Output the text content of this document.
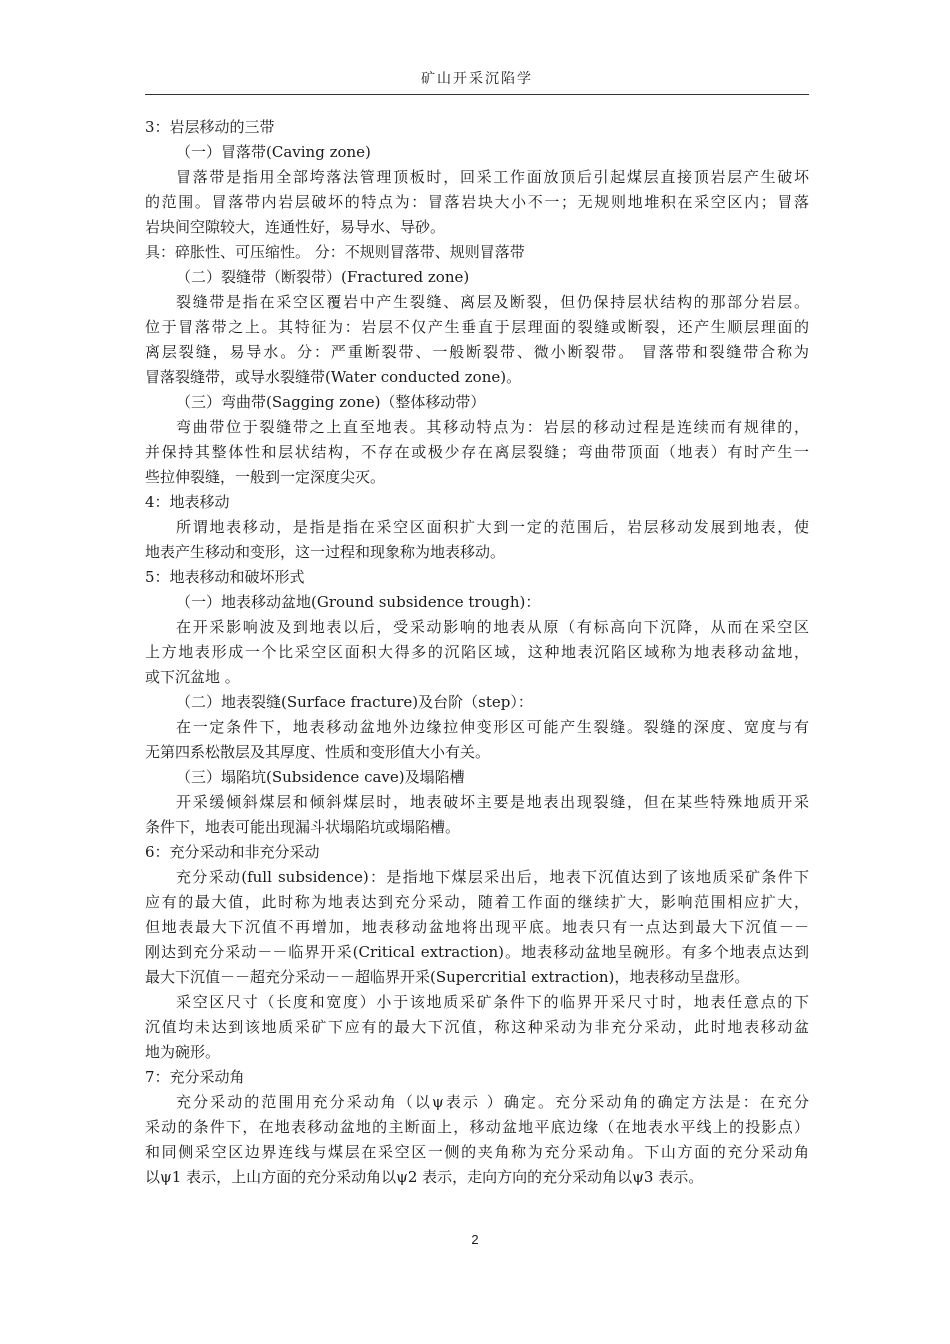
矿山开采沉陷学
3：岩层移动的三带
（一）冒落带(Caving zone)
冒落带是指用全部垮落法管理顶板时，回采工作面放顶后引起煤层直接顶岩层产生破坏
的范围。冒落带内岩层破坏的特点为：冒落岩块大小不一；无规则地堆积在采空区内；冒落
岩块间空隙较大，连通性好，易导水、导砂。
具：碎胀性、可压缩性。 分：不规则冒落带、规则冒落带
（二）裂缝带（断裂带）(Fractured zone)
裂缝带是指在采空区覆岩中产生裂缝、离层及断裂，但仍保持层状结构的那部分岩层。
位于冒落带之上。其特征为：岩层不仅产生垂直于层理面的裂缝或断裂，还产生顺层理面的
离层裂缝，易导水。分：严重断裂带、一般断裂带、微小断裂带。 冒落带和裂缝带合称为
冒落裂缝带，或导水裂缝带(Water conducted zone)。
（三）弯曲带(Sagging zone)（整体移动带）
弯曲带位于裂缝带之上直至地表。其移动特点为：岩层的移动过程是连续而有规律的，
并保持其整体性和层状结构，不存在或极少存在离层裂缝；弯曲带顶面（地表）有时产生一
些拉伸裂缝，一般到一定深度尖灭。
4：地表移动
所谓地表移动，是指是指在采空区面积扩大到一定的范围后，岩层移动发展到地表，使
地表产生移动和变形，这一过程和现象称为地表移动。
5：地表移动和破坏形式
（一）地表移动盆地(Ground subsidence trough)：
在开采影响波及到地表以后，受采动影响的地表从原（有标高向下沉降，从而在采空区
上方地表形成一个比采空区面积大得多的沉陷区域，这种地表沉陷区域称为地表移动盆地，
或下沉盆地 。
（二）地表裂缝(Surface fracture)及台阶（step）：
在一定条件下，地表移动盆地外边缘拉伸变形区可能产生裂缝。裂缝的深度、宽度与有
无第四系松散层及其厚度、性质和变形值大小有关。
（三）塌陷坑(Subsidence cave)及塌陷槽
开采缓倾斜煤层和倾斜煤层时，地表破坏主要是地表出现裂缝，但在某些特殊地质开采
条件下，地表可能出现漏斗状塌陷坑或塌陷槽。
6：充分采动和非充分采动
充分采动(full subsidence)：是指地下煤层采出后，地表下沉值达到了该地质采矿条件下
应有的最大值，此时称为地表达到充分采动，随着工作面的继续扩大，影响范围相应扩大，
但地表最大下沉值不再增加，地表移动盆地将出现平底。地表只有一点达到最大下沉值－－
刚达到充分采动－－临界开采(Critical extraction)。地表移动盆地呈碗形。有多个地表点达到
最大下沉值－－超充分采动－－超临界开采(Supercritial extraction)，地表移动呈盘形。
采空区尺寸（长度和宽度）小于该地质采矿条件下的临界开采尺寸时，地表任意点的下
沉值均未达到该地质采矿下应有的最大下沉值，称这种采动为非充分采动，此时地表移动盆
地为碗形。
7：充分采动角
充分采动的范围用充分采动角（以ψ表示 ）确定。充分采动角的确定方法是：在充分
采动的条件下，在地表移动盆地的主断面上，移动盆地平底边缘（在地表水平线上的投影点）
和同侧采空区边界连线与煤层在采空区一侧的夹角称为充分采动角。下山方面的充分采动角
以ψ1 表示，上山方面的充分采动角以ψ2 表示，走向方向的充分采动角以ψ3 表示。
2
